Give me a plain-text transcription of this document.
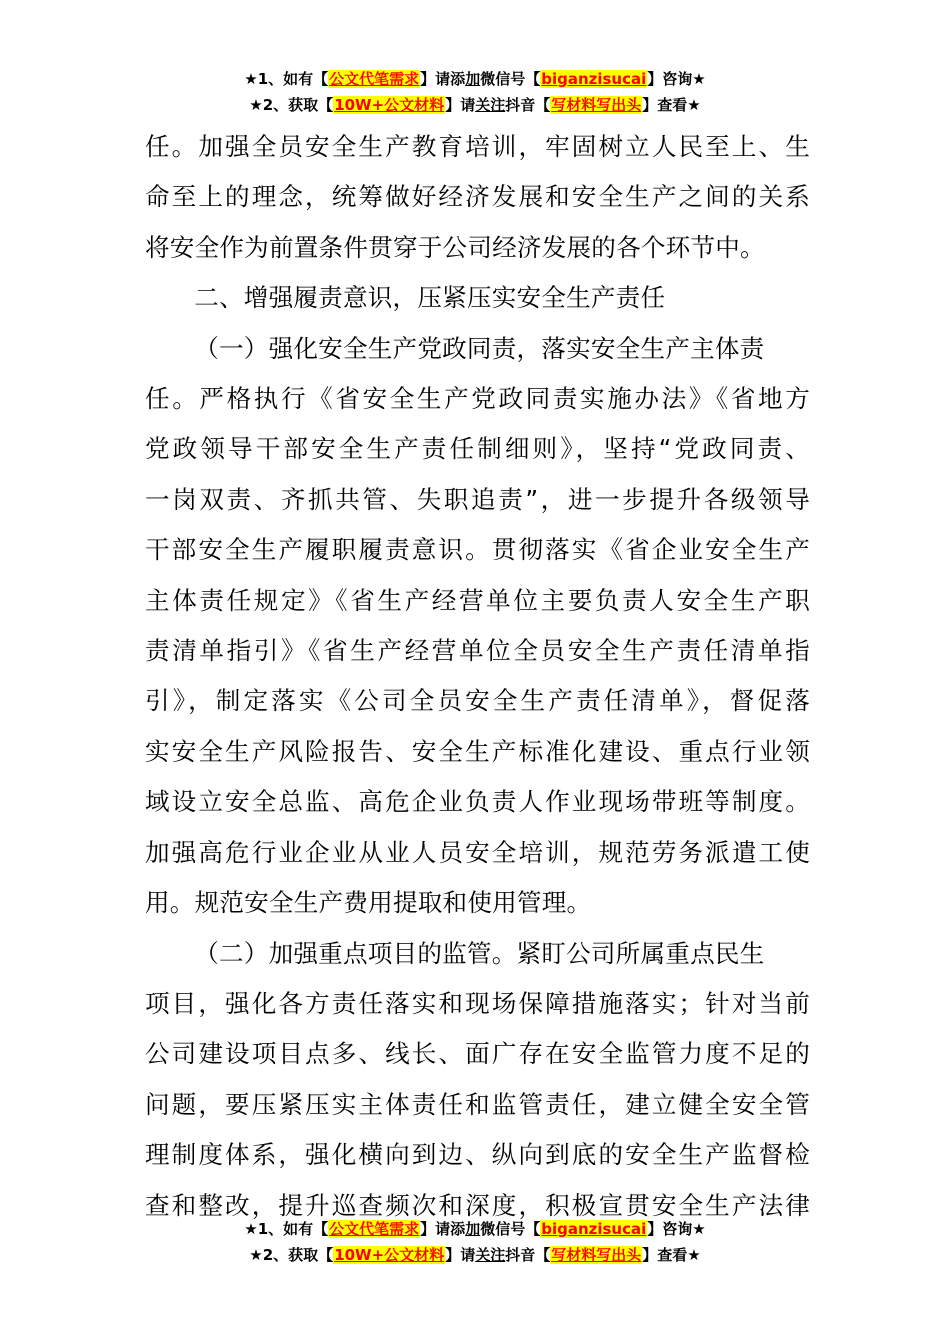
★1、如有【公文代笔需求】请添加微信号【biganzisucai】咨询★
★2、获取【10W+公文材料】请关注抖音【写材料写出头】查看★

任。加强全员安全生产教育培训，牢固树立人民至上、生
命至上的理念，统筹做好经济发展和安全生产之间的关系
将安全作为前置条件贯穿于公司经济发展的各个环节中。

二、增强履责意识，压紧压实安全生产责任

（一）强化安全生产党政同责，落实安全生产主体责
任。严格执行《省安全生产党政同责实施办法》《省地方
党政领导干部安全生产责任制细则》，坚持“党政同责、
一岗双责、齐抓共管、失职追责”，进一步提升各级领导
干部安全生产履职履责意识。贯彻落实《省企业安全生产
主体责任规定》《省生产经营单位主要负责人安全生产职
责清单指引》《省生产经营单位全员安全生产责任清单指
引》，制定落实《公司全员安全生产责任清单》，督促落
实安全生产风险报告、安全生产标准化建设、重点行业领
域设立安全总监、高危企业负责人作业现场带班等制度。
加强高危行业企业从业人员安全培训，规范劳务派遣工使
用。规范安全生产费用提取和使用管理。

（二）加强重点项目的监管。紧盯公司所属重点民生
项目，强化各方责任落实和现场保障措施落实；针对当前
公司建设项目点多、线长、面广存在安全监管力度不足的
问题，要压紧压实主体责任和监管责任，建立健全安全管
理制度体系，强化横向到边、纵向到底的安全生产监督检
查和整改，提升巡查频次和深度，积极宣贯安全生产法律

★1、如有【公文代笔需求】请添加微信号【biganzisucai】咨询★
★2、获取【10W+公文材料】请关注抖音【写材料写出头】查看★
